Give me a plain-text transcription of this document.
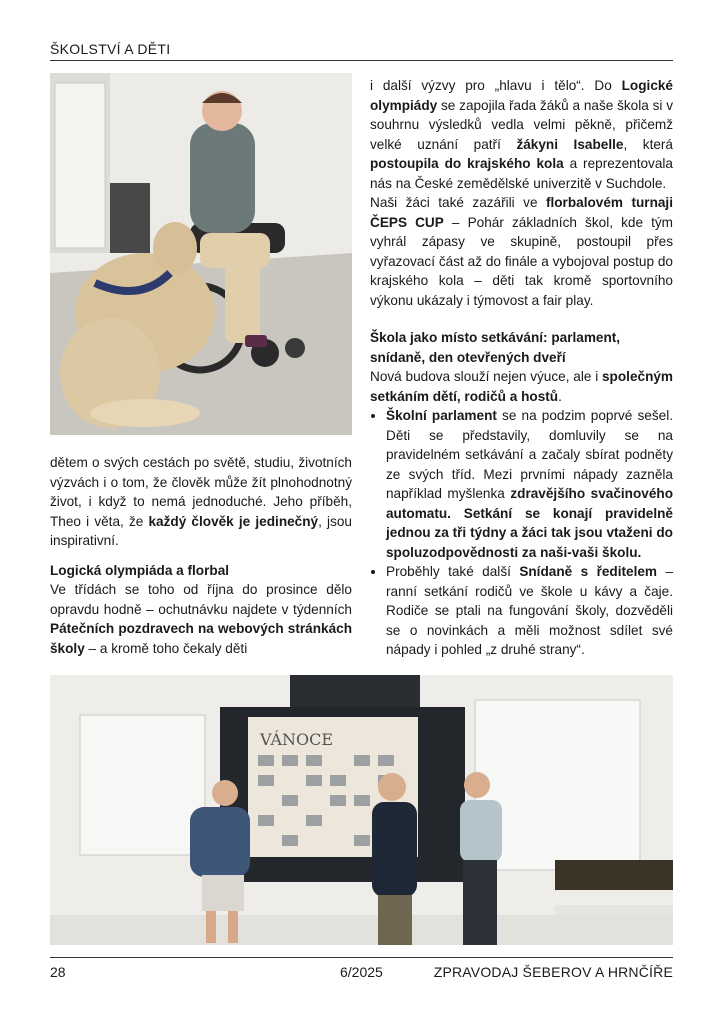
ŠKOLSTVÍ A DĚTI

dětem o svých cestách po světě, studiu, životních výzvách i o tom, že člověk může žít plnohodnotný život, i když to nemá jednoduché. Jeho příběh, Theo i věta, že každý člověk je jedinečný, jsou inspirativní.

Logická olympiáda a florbal

Ve třídách se toho od října do prosince dělo opravdu hodně – ochutnávku najdete v týdenních Pátečních pozdravech na webových stránkách školy – a kromě toho čekaly děti

i další výzvy pro „hlavu i tělo“. Do Logické olympiády se zapojila řada žáků a naše škola si v souhrnu výsledků vedla velmi pěkně, přičemž velké uznání patří žákyni Isabelle, která postoupila do krajského kola a reprezentovala nás na České zemědělské univerzitě v Suchdole.

Naši žáci také zazářili ve florbalovém turnaji ČEPS CUP – Pohár základních škol, kde tým vyhrál zápasy ve skupině, postoupil přes vyřazovací část až do finále a vybojoval postup do krajského kola – děti tak kromě sportovního výkonu ukázaly i týmovost a fair play.

Škola jako místo setkávání: parlament, snídaně, den otevřených dveří

Nová budova slouží nejen výuce, ale i společným setkáním dětí, rodičů a hostů.

• Školní parlament se na podzim poprvé sešel. Děti se představily, domluvily se na pravidelném setkávání a začaly sbírat podněty ze svých tříd. Mezi prvními nápady zazněla například myšlenka zdravějšího svačinového automatu. Setkání se konají pravidelně jednou za tři týdny a žáci tak jsou vtaženi do spoluzodpovědnosti za naši-vaši školu.
• Proběhly také další Snídaně s ředitelem – ranní setkání rodičů ve škole u kávy a čaje. Rodiče se ptali na fungování školy, dozvěděli se o novinkách a měli možnost sdílet své nápady i pohled „z druhé strany“.
VÁNOCE
28	6/2025	ZPRAVODAJ ŠEBEROV A HRNČÍŘE
